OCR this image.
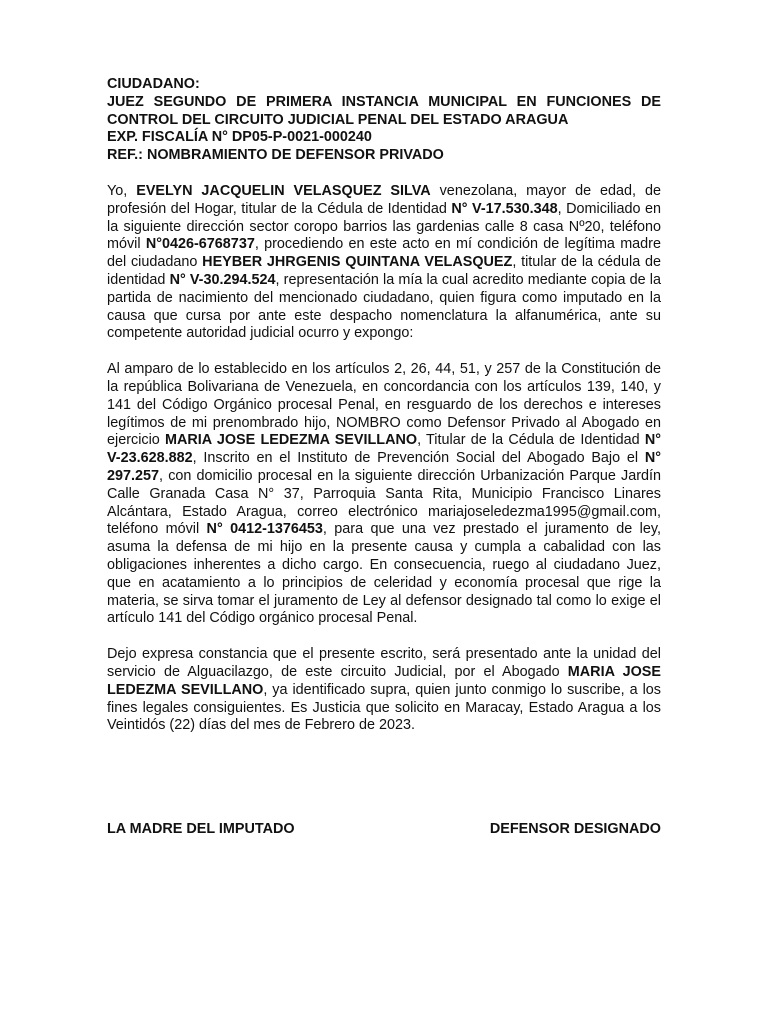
CIUDADANO:

JUEZ SEGUNDO DE PRIMERA INSTANCIA MUNICIPAL EN FUNCIONES DE CONTROL DEL CIRCUITO JUDICIAL PENAL DEL ESTADO ARAGUA

EXP. FISCALÍA N° DP05-P-0021-000240

REF.: NOMBRAMIENTO DE DEFENSOR PRIVADO

Yo, EVELYN JACQUELIN VELASQUEZ SILVA venezolana, mayor de edad, de profesión del Hogar, titular de la Cédula de Identidad N° V-17.530.348, Domiciliado en la siguiente dirección sector coropo barrios las gardenias calle 8 casa Nº20, teléfono móvil N°0426-6768737, procediendo en este acto en mí condición de legítima madre del ciudadano HEYBER JHRGENIS QUINTANA VELASQUEZ, titular de la cédula de identidad N° V-30.294.524, representación la mía la cual acredito mediante copia de la partida de nacimiento del mencionado ciudadano, quien figura como imputado en la causa que cursa por ante este despacho nomenclatura la alfanumérica, ante su competente autoridad judicial ocurro y expongo:

Al amparo de lo establecido en los artículos 2, 26, 44, 51, y 257 de la Constitución de la república Bolivariana de Venezuela, en concordancia con los artículos 139, 140, y 141 del Código Orgánico procesal Penal, en resguardo de los derechos e intereses legítimos de mi prenombrado hijo, NOMBRO como Defensor Privado al Abogado en ejercicio MARIA JOSE LEDEZMA SEVILLANO, Titular de la Cédula de Identidad N° V-23.628.882, Inscrito en el Instituto de Prevención Social del Abogado Bajo el N° 297.257, con domicilio procesal en la siguiente dirección Urbanización Parque Jardín Calle Granada Casa N° 37, Parroquia Santa Rita, Municipio Francisco Linares Alcántara, Estado Aragua, correo electrónico mariajoseledezma1995@gmail.com, teléfono móvil N° 0412-1376453, para que una vez prestado el juramento de ley, asuma la defensa de mi hijo en la presente causa y cumpla a cabalidad con las obligaciones inherentes a dicho cargo. En consecuencia, ruego al ciudadano Juez, que en acatamiento a lo principios de celeridad y economía procesal que rige la materia, se sirva tomar el juramento de Ley al defensor designado tal como lo exige el artículo 141 del Código orgánico procesal Penal.

Dejo expresa constancia que el presente escrito, será presentado ante la unidad del servicio de Alguacilazgo, de este circuito Judicial, por el Abogado MARIA JOSE LEDEZMA SEVILLANO, ya identificado supra, quien junto conmigo lo suscribe, a los fines legales consiguientes. Es Justicia que solicito en Maracay, Estado Aragua a los Veintidós (22) días del mes de Febrero de 2023.

LA MADRE DEL IMPUTADO	DEFENSOR DESIGNADO
